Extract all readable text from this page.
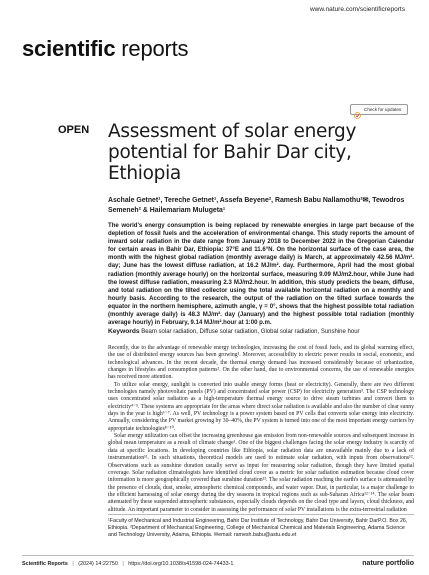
www.nature.com/scientificreports
scientific reports
Check for updates
OPEN Assessment of solar energy potential for Bahir Dar city, Ethiopia
Aschale Getnet¹, Tereche Getnet¹, Assefa Beyene², Ramesh Babu Nallamothu²✉, Tewodros Semeneh² & Hailemariam Mulugeta¹
The world's energy consumption is being replaced by renewable energies in large part because of the depletion of fossil fuels and the acceleration of environmental change. This study reports the amount of inward solar radiation in the date range from January 2018 to December 2022 in the Gregorian Calendar for certain areas in Bahir Dar, Ethiopia: 37°E and 11.6°N. On the horizontal surface of the case area, the month with the highest global radiation (monthly average daily) is March, at approximately 42.56 MJ/m². day; June has the lowest diffuse radiation, at 16.2 MJ/m². day. Furthermore, April had the most global radiation (monthly average hourly) on the horizontal surface, measuring 9.09 MJ/m2.hour, while June had the lowest diffuse radiation, measuring 2.3 MJ/m2.hour. In addition, this study predicts the beam, diffuse, and total radiation on the tilted collector using the total available horizontal radiation on a monthly and hourly basis. According to the research, the output of the radiation on the tilted surface towards the equator in the northern hemisphere, azimuth angle, γ = 0°, shows that the highest possible total radiation (monthly average daily) is 48.3 MJ/m². day (January) and the highest possible total radiation (monthly average hourly) in February, 9.14 MJ/m².hour at 1:00 p.m.
Keywords Beam solar radiation, Diffuse solar radiation, Global solar radiation, Sunshine hour

Recently, due to the advantage of renewable energy technologies, increasing the cost of fossil fuels, and its global warming effect, the use of distributed energy sources has been growing¹. Moreover, accessibility to electric power results in social, economic, and technological advances. In the recent decade, the thermal energy demand has increased considerably because of urbanization, changes in lifestyles and consumption patterns². On the other hand, due to environmental concerns, the use of renewable energies has received more attention.

To utilize solar energy, sunlight is converted into usable energy forms (heat or electricity). Generally, there are two different technologies namely photovoltaic panels (PV) and concentrated solar power (CSP) for electricity generation³. The CSP technology uses concentrated solar radiation as a high-temperature thermal energy source to drive steam turbines and convert them to electricity⁴⁻⁵. These systems are appropriate for the areas where direct solar radiation is available and also the number of clear sunny days in the year is high⁶⁻⁷. As well, PV technology is a power system based on PV cells that converts solar energy into electricity. Annually, considering the PV market growing by 30–40%, the PV system is turned into one of the most important energy carriers by appropriate technologies⁸⁻¹⁰.

Solar energy utilization can offset the increasing greenhouse gas emission from non-renewable sources and subsequent increase in global mean temperature as a result of climate change¹. One of the biggest challenges facing the solar energy industry is scarcity of data at specific locations. In developing countries like Ethiopia, solar radiation data are unavailable mainly due to a lack of instrumentation¹¹. In such situations, theoretical models are used to estimate solar radiation, with inputs from observations¹². Observations such as sunshine duration usually serve as input for measuring solar radiation, though they have limited spatial coverage. Solar radiation climatologists have identified cloud cover as a metric for solar radiation estimation because cloud cover information is more geographically covered than sunshine duration¹³. The solar radiation reaching the earth's surface is attenuated by the presence of clouds, dust, smoke, atmospheric chemical compounds, and water vapor. Dust, in particular, is a major challenge to the efficient harnessing of solar energy during the dry seasons in tropical regions such as sub-Saharan Africa¹²⁻¹⁴. The solar beam attenuated by these suspended atmospheric substances, especially clouds depends on the cloud type and layers, cloud thickness, and altitude. An important parameter to consider in assessing the performance of solar PV installations is the extra-terrestrial radiation

¹Faculty of Mechanical and Industrial Engineering, Bahir Dar Institute of Technology, Bahir Dar University, Bahir DarP.O. Box 26, Ethiopia. ²Department of Mechanical Engineering, College of Mechanical Chemical and Materials Engineering, Adama Science and Technology University, Adama, Ethiopia. ✉email: ramesh.babu@astu.edu.et
Scientific Reports | (2024) 14:22750 | https://doi.org/10.1038/s41598-024-74433-1	nature portfolio
